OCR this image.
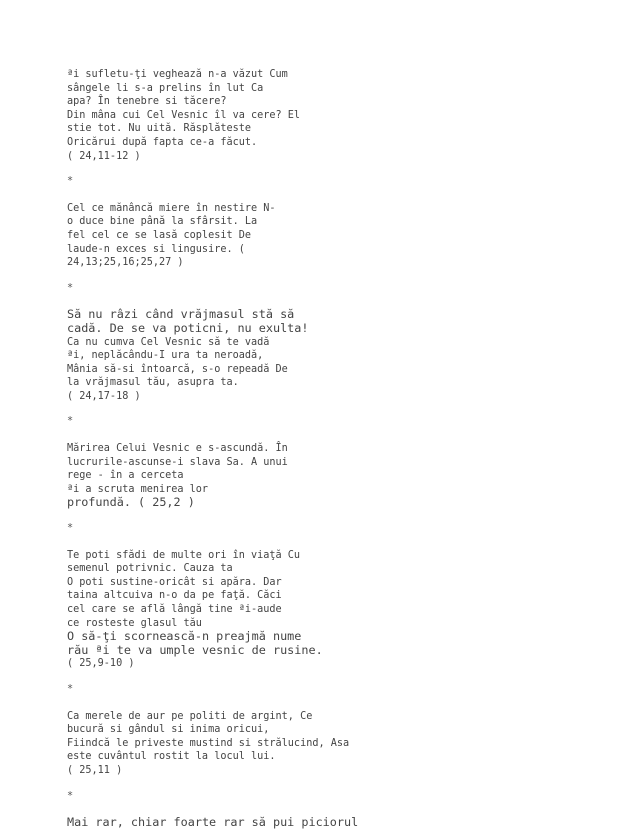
ªi sufletu-ţi veghează n-a văzut Cum
sângele li s-a prelins în lut Ca
apa? În tenebre si tăcere?
Din mâna cui Cel Vesnic îl va cere? El
stie tot. Nu uită. Răsplăteste
Oricărui după fapta ce-a făcut.
( 24,11-12 )
*
Cel ce mănâncă miere în nestire N-
o duce bine până la sfârsit. La
fel cel ce se lasă coplesit De
laude-n exces si lingusire. (
24,13;25,16;25,27 )
*
Să nu râzi când vrăjmasul stă să
cadă. De se va poticni, nu exulta!
Ca nu cumva Cel Vesnic să te vadă
ªi, neplăcându-I ura ta neroadă,
Mânia să-si întoarcă, s-o repeadă De
la vrăjmasul tău, asupra ta.
( 24,17-18 )
*
Mărirea Celui Vesnic e s-ascundă. În
lucrurile-ascunse-i slava Sa. A unui
rege - în a cerceta
ªi a scruta menirea lor
profundă. ( 25,2 )
*
Te poti sfădi de multe ori în viaţă Cu
semenul potrivnic. Cauza ta
O poti sustine-oricât si apăra. Dar
taina altcuiva n-o da pe faţă. Căci
cel care se află lângă tine ªi-aude
ce rosteste glasul tău
O să-ţi scornească-n preajmă nume
rău ªi te va umple vesnic de rusine.
( 25,9-10 )
*
Ca merele de aur pe politi de argint, Ce
bucură si gândul si inima oricui,
Fiindcă le priveste mustind si strălucind, Asa
este cuvântul rostit la locul lui.
( 25,11 )
*
Mai rar, chiar foarte rar să pui piciorul
